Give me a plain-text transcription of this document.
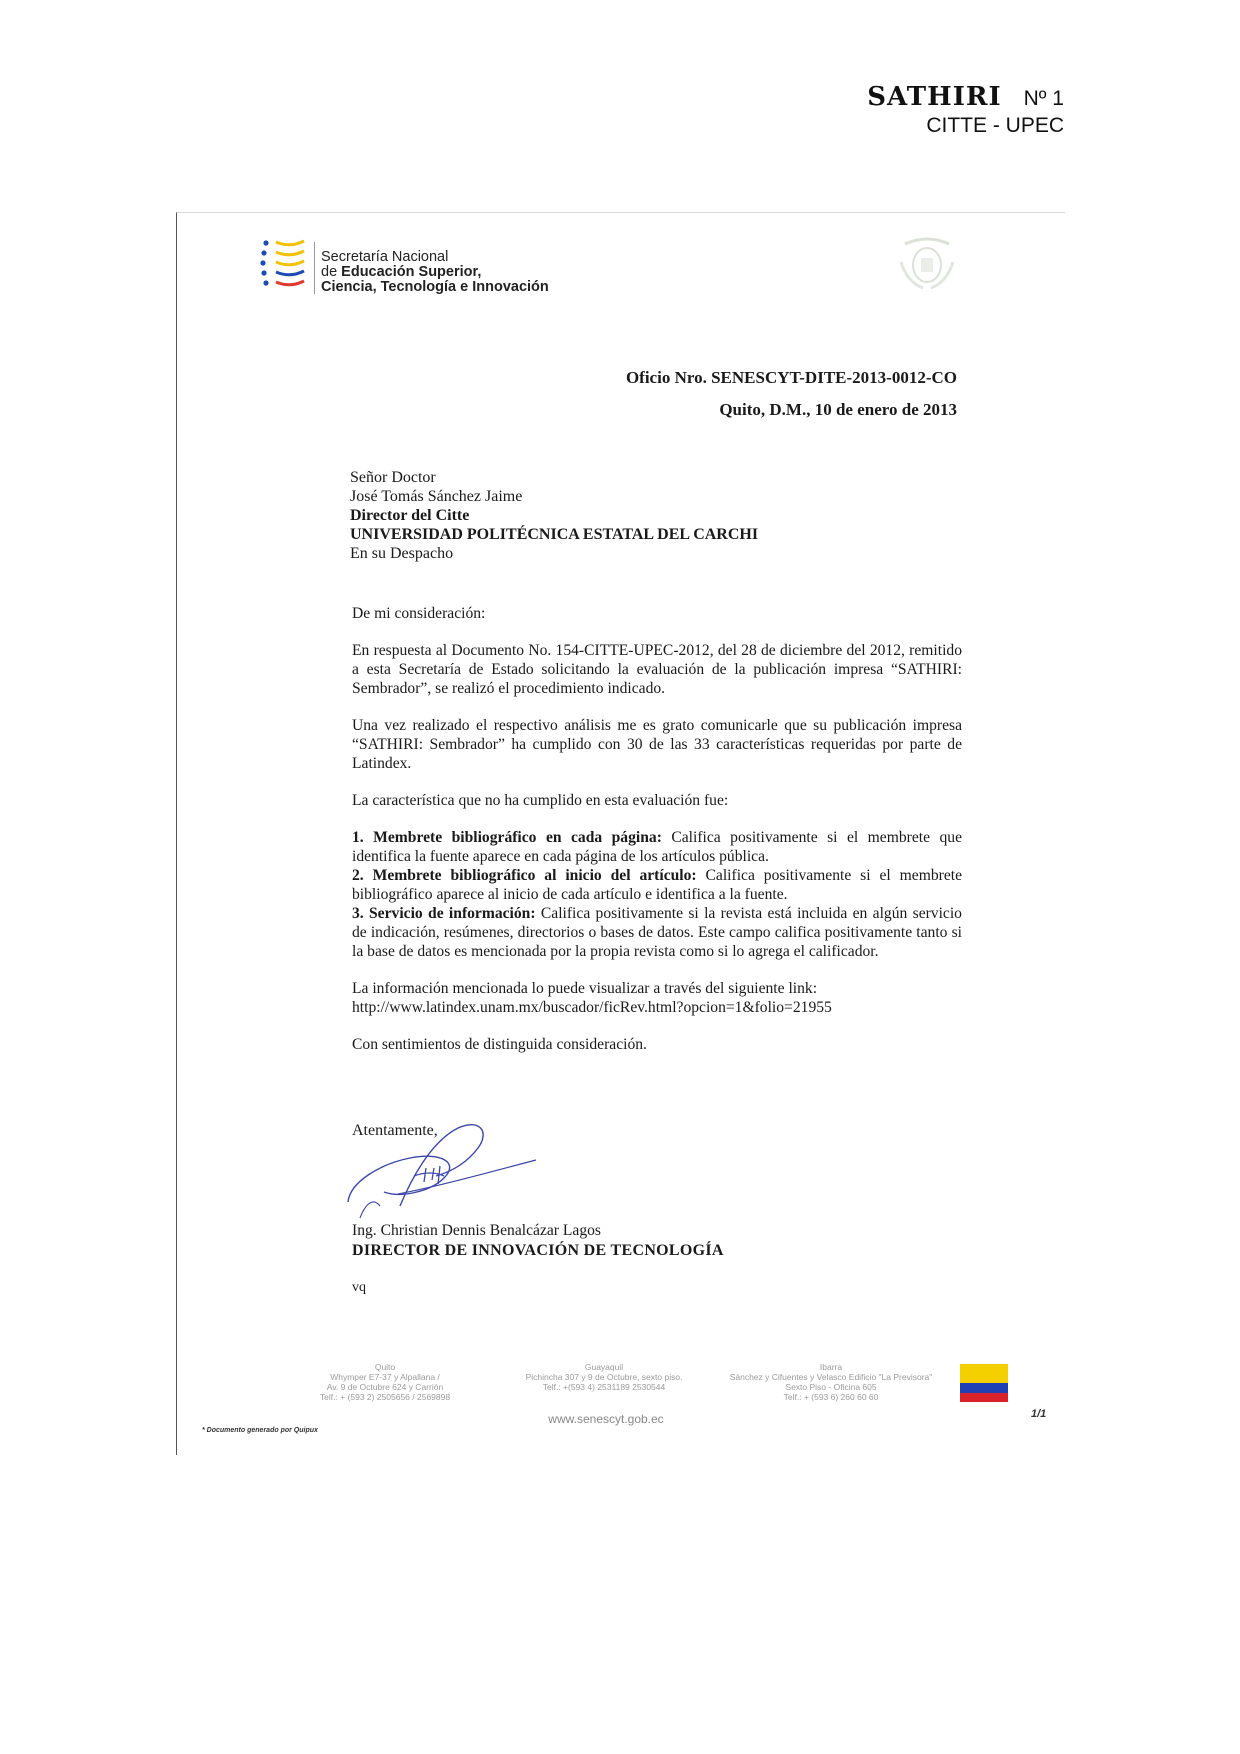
SATHIRI Nº 1
CITTE - UPEC
Secretaría Nacional
de Educación Superior,
Ciencia, Tecnología e Innovación
Oficio Nro. SENESCYT-DITE-2013-0012-CO
Quito, D.M., 10 de enero de 2013
Señor Doctor
José Tomás Sánchez Jaime
Director del Citte
UNIVERSIDAD POLITÉCNICA ESTATAL DEL CARCHI
En su Despacho

De mi consideración:

En respuesta al Documento No. 154-CITTE-UPEC-2012, del 28 de diciembre del 2012, remitido a esta Secretaría de Estado solicitando la evaluación de la publicación impresa “SATHIRI: Sembrador”, se realizó el procedimiento indicado.

Una vez realizado el respectivo análisis me es grato comunicarle que su publicación impresa “SATHIRI: Sembrador” ha cumplido con 30 de las 33 características requeridas por parte de Latindex.

La característica que no ha cumplido en esta evaluación fue:

1. Membrete bibliográfico en cada página: Califica positivamente si el membrete que identifica la fuente aparece en cada página de los artículos pública.
2. Membrete bibliográfico al inicio del artículo: Califica positivamente si el membrete bibliográfico aparece al inicio de cada artículo e identifica a la fuente.
3. Servicio de información: Califica positivamente si la revista está incluida en algún servicio de indicación, resúmenes, directorios o bases de datos. Este campo califica positivamente tanto si la base de datos es mencionada por la propia revista como si lo agrega el calificador.

La información mencionada lo puede visualizar a través del siguiente link:
http://www.latindex.unam.mx/buscador/ficRev.html?opcion=1&folio=21955

Con sentimientos de distinguida consideración.

Atentamente,
Ing. Christian Dennis Benalcázar Lagos
DIRECTOR DE INNOVACIÓN DE TECNOLOGÍA
vq
Quito
Whymper E7-37 y Alpallana /
Av. 9 de Octubre 624 y Carrión
Telf.: + (593 2) 2505656 / 2569898
Guayaquil
Pichincha 307 y 9 de Octubre, sexto piso.
Telf.: +(593 4) 2531189 2530544
Ibarra
Sánchez y Cifuentes y Velasco Edificio "La Previsora"
Sexto Piso - Oficina 605
Telf.: + (593 6) 260 60 60
www.senescyt.gob.ec	1/1
* Documento generado por Quipux
